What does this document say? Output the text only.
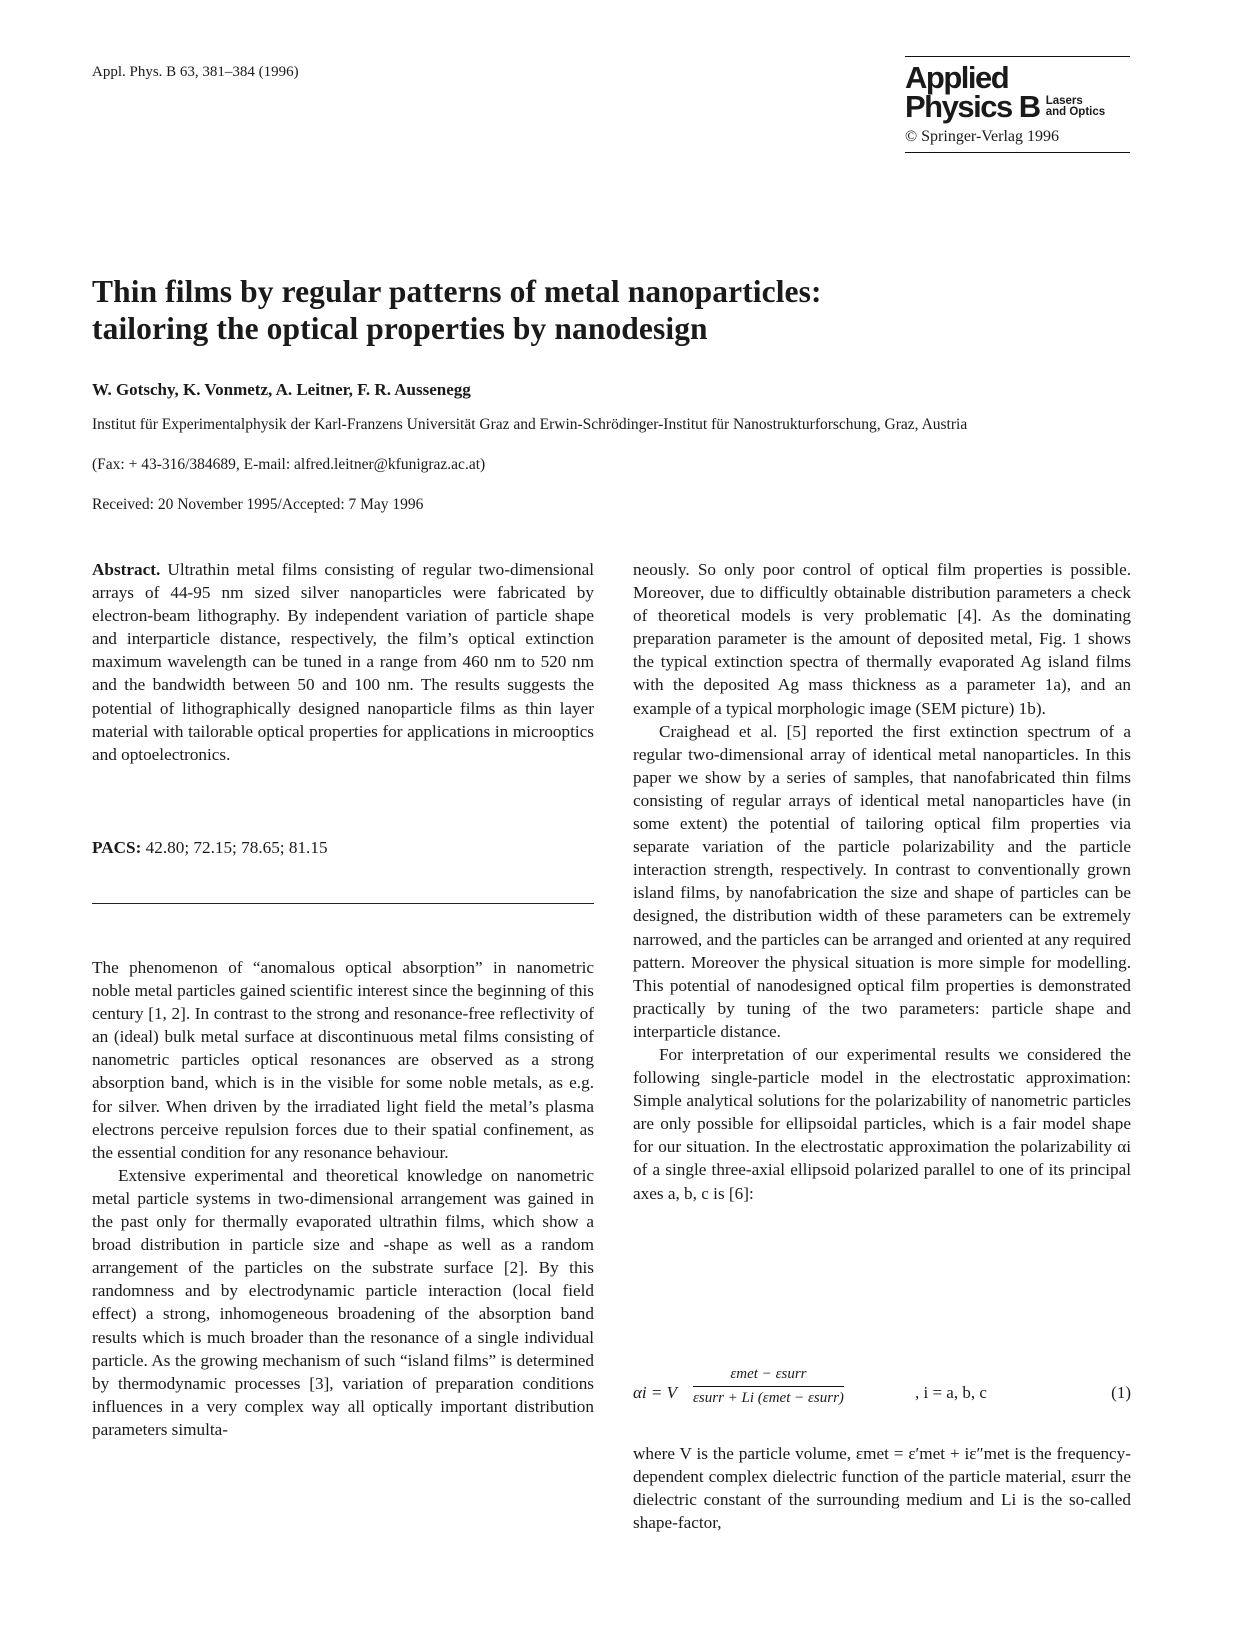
Appl. Phys. B 63, 381–384 (1996)	Applied
Physics B Lasers
and Optics
© Springer-Verlag 1996
Thin films by regular patterns of metal nanoparticles:
tailoring the optical properties by nanodesign
W. Gotschy, K. Vonmetz, A. Leitner, F. R. Aussenegg
Institut für Experimentalphysik der Karl-Franzens Universität Graz and Erwin-Schrödinger-Institut für Nanostrukturforschung, Graz, Austria
(Fax: + 43-316/384689, E-mail: alfred.leitner@kfunigraz.ac.at)
Received: 20 November 1995/Accepted: 7 May 1996

Abstract. Ultrathin metal films consisting of regular two-dimensional arrays of 44-95 nm sized silver nanoparticles were fabricated by electron-beam lithography. By independent variation of particle shape and interparticle distance, respectively, the film’s optical extinction maximum wavelength can be tuned in a range from 460 nm to 520 nm and the bandwidth between 50 and 100 nm. The results suggests the potential of lithographically designed nanoparticle films as thin layer material with tailorable optical properties for applications in microoptics and optoelectronics.

PACS: 42.80; 72.15; 78.65; 81.15

The phenomenon of “anomalous optical absorption” in nanometric noble metal particles gained scientific interest since the beginning of this century [1, 2]. In contrast to the strong and resonance-free reflectivity of an (ideal) bulk metal surface at discontinuous metal films consisting of nanometric particles optical resonances are observed as a strong absorption band, which is in the visible for some noble metals, as e.g. for silver. When driven by the irradiated light field the metal’s plasma electrons perceive repulsion forces due to their spatial confinement, as the essential condition for any resonance behaviour.

Extensive experimental and theoretical knowledge on nanometric metal particle systems in two-dimensional arrangement was gained in the past only for thermally evaporated ultrathin films, which show a broad distribution in particle size and -shape as well as a random arrangement of the particles on the substrate surface [2]. By this randomness and by electrodynamic particle interaction (local field effect) a strong, inhomogeneous broadening of the absorption band results which is much broader than the resonance of a single individual particle. As the growing mechanism of such “island films” is determined by thermodynamic processes [3], variation of preparation conditions influences in a very complex way all optically important distribution parameters simulta-

neously. So only poor control of optical film properties is possible. Moreover, due to difficultly obtainable distribution parameters a check of theoretical models is very problematic [4]. As the dominating preparation parameter is the amount of deposited metal, Fig. 1 shows the typical extinction spectra of thermally evaporated Ag island films with the deposited Ag mass thickness as a parameter 1a), and an example of a typical morphologic image (SEM picture) 1b).

Craighead et al. [5] reported the first extinction spectrum of a regular two-dimensional array of identical metal nanoparticles. In this paper we show by a series of samples, that nanofabricated thin films consisting of regular arrays of identical metal nanoparticles have (in some extent) the potential of tailoring optical film properties via separate variation of the particle polarizability and the particle interaction strength, respectively. In contrast to conventionally grown island films, by nanofabrication the size and shape of particles can be designed, the distribution width of these parameters can be extremely narrowed, and the particles can be arranged and oriented at any required pattern. Moreover the physical situation is more simple for modelling. This potential of nanodesigned optical film properties is demonstrated practically by tuning of the two parameters: particle shape and interparticle distance.

For interpretation of our experimental results we considered the following single-particle model in the electrostatic approximation: Simple analytical solutions for the polarizability of nanometric particles are only possible for ellipsoidal particles, which is a fair model shape for our situation. In the electrostatic approximation the polarizability αi of a single three-axial ellipsoid polarized parallel to one of its principal axes a, b, c is [6]:

αi = V
εmet − εsurr
εsurr + Li (εmet − εsurr)	, i = a, b, c	(1)

where V is the particle volume, εmet = ε′met + iε″met is the frequency-dependent complex dielectric function of the particle material, εsurr the dielectric constant of the surrounding medium and Li is the so-called shape-factor,
